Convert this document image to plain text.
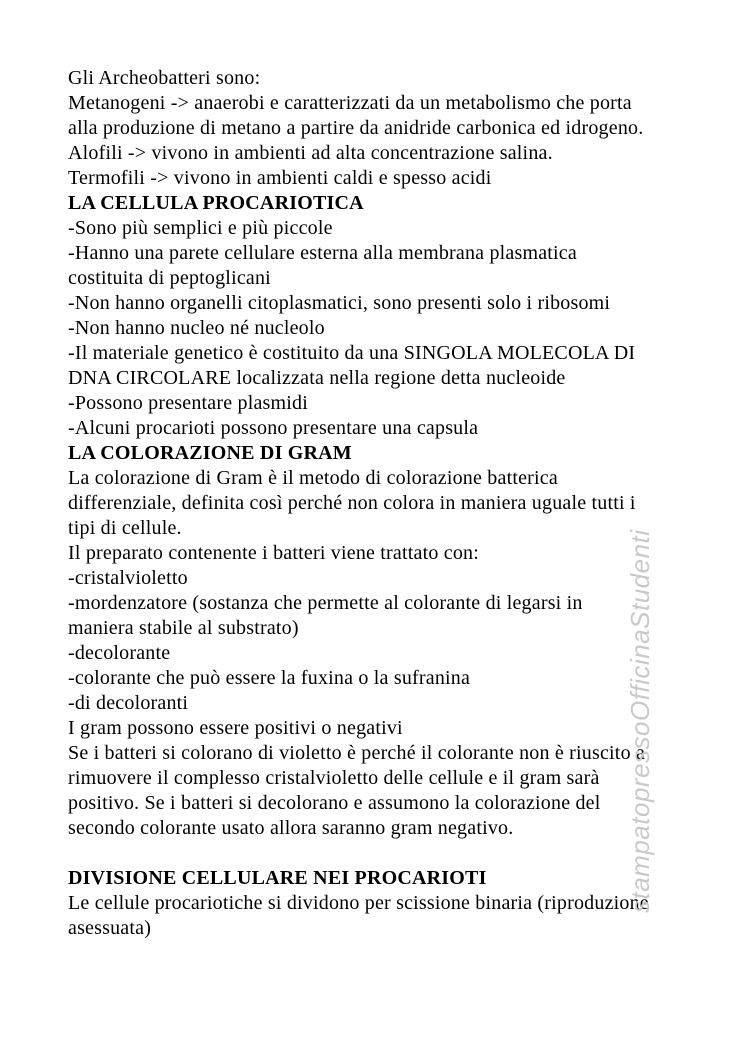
Gli Archeobatteri sono:
Metanogeni -> anaerobi e caratterizzati da un metabolismo che porta
alla produzione di metano a partire da anidride carbonica ed idrogeno.
Alofili -> vivono in ambienti ad alta concentrazione salina.
Termofili -> vivono in ambienti caldi e spesso acidi
LA CELLULA PROCARIOTICA
-Sono più semplici e più piccole
-Hanno una parete cellulare esterna alla membrana plasmatica
costituita di peptoglicani
-Non hanno organelli citoplasmatici, sono presenti solo i ribosomi
-Non hanno nucleo né nucleolo
-Il materiale genetico è costituito da una SINGOLA MOLECOLA DI
DNA CIRCOLARE localizzata nella regione detta nucleoide
-Possono presentare plasmidi
-Alcuni procarioti possono presentare una capsula
LA COLORAZIONE DI GRAM
La colorazione di Gram è il metodo di colorazione batterica
differenziale, definita così perché non colora in maniera uguale tutti i
tipi di cellule.
Il preparato contenente i batteri viene trattato con:
-cristalvioletto
-mordenzatore (sostanza che permette al colorante di legarsi in
maniera stabile al substrato)
-decolorante
-colorante che può essere la fuxina o la sufranina
-di decoloranti
I gram possono essere positivi o negativi
Se i batteri si colorano di violetto è perché il colorante non è riuscito a
rimuovere il complesso cristalvioletto delle cellule e il gram sarà
positivo. Se i batteri si decolorano e assumono la colorazione del
secondo colorante usato allora saranno gram negativo.

DIVISIONE CELLULARE NEI PROCARIOTI
Le cellule procariotiche si dividono per scissione binaria (riproduzione
asessuata)
stampatopressoOfficinaStudenti
